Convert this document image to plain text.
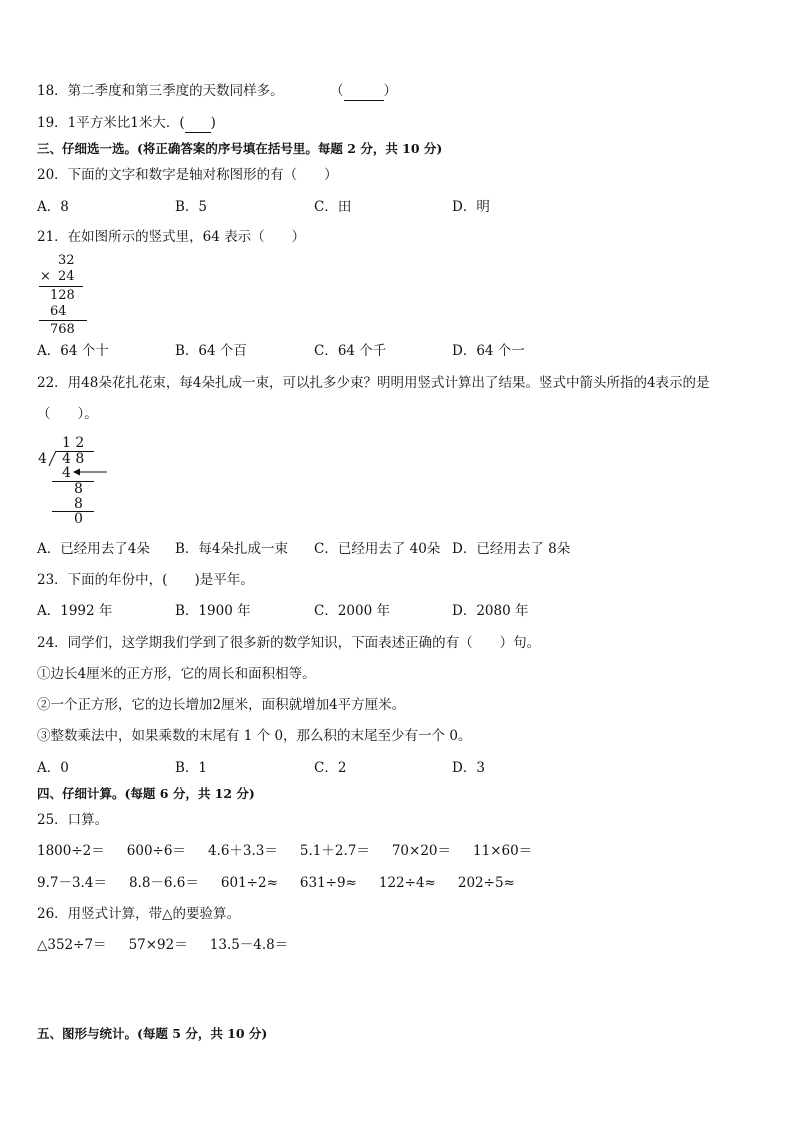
18．第二季度和第三季度的天数同样多。	（	）
19．1平方米比1米大．( )
三、仔细选一选。(将正确答案的序号填在括号里。每题 2 分，共 10 分)
20．下面的文字和数字是轴对称图形的有（　　）
A．8	B．5	C．田	D．明
21．在如图所示的竖式里，64 表示（　　）
32
× 24
128
64
768
A．64 个十	B．64 个百	C．64 个千	D．64 个一
22．用48朵花扎花束，每4朵扎成一束，可以扎多少束？明明用竖式计算出了结果。竖式中箭头所指的4表示的是
（　　）。
1 2
4 4 8
4
8
8
0
A．已经用去了4朵 B．每4朵扎成一束 C．已经用去了 40朵 D．已经用去了 8朵
23．下面的年份中，(　　)是平年。
A．1992 年	B．1900 年	C．2000 年	D．2080 年
24．同学们，这学期我们学到了很多新的数学知识，下面表述正确的有（　　）句。
①边长4厘米的正方形，它的周长和面积相等。
②一个正方形，它的边长增加2厘米，面积就增加4平方厘米。
③整数乘法中，如果乘数的末尾有 1 个 0，那么积的末尾至少有一个 0。
A．0	B．1	C．2	D．3
四、仔细计算。(每题 6 分，共 12 分)
25．口算。
1800÷2＝ 600÷6＝ 4.6＋3.3＝ 5.1＋2.7＝ 70×20＝ 11×60＝
9.7－3.4＝ 8.8－6.6＝ 601÷2≈ 631÷9≈ 122÷4≈ 202÷5≈
26．用竖式计算，带△的要验算。
△352÷7＝ 57×92＝ 13.5－4.8＝
五、图形与统计。(每题 5 分，共 10 分)
